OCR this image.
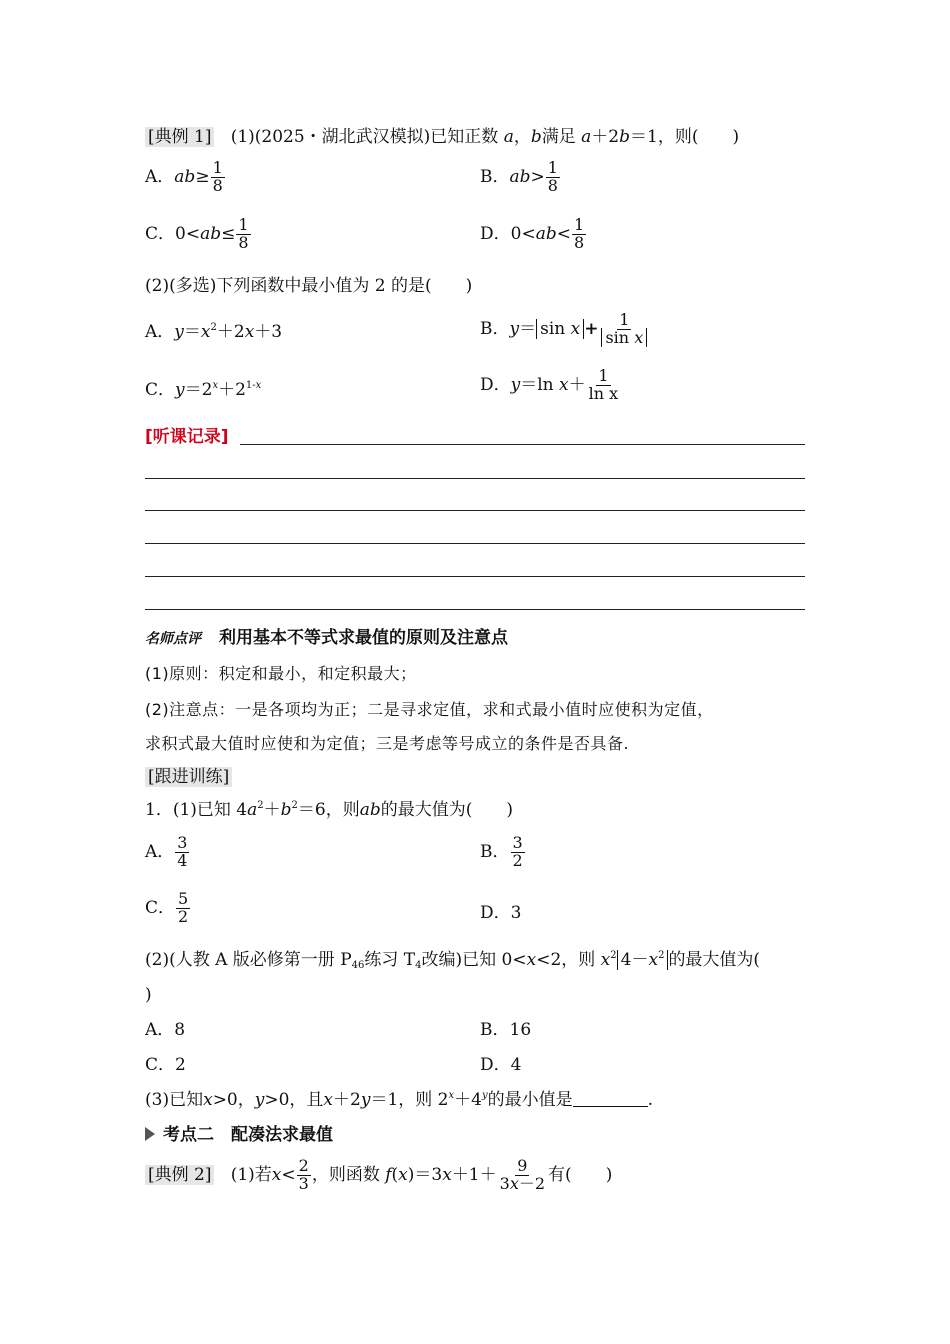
[典例 1] (1)(2025・湖北武汉模拟)已知正数 a，b满足 a＋2b＝1，则( )
A．$ab\ge \frac{1}{8}$	B．$ab> \frac{1}{8}$
C．$0<ab\le \frac{1}{8}$	D．$0<ab< \frac{1}{8}$
(2)(多选)下列函数中最小值为 2 的是( )
A．$y=x^2+2x+3$	B．$y= \sin x + \frac{1}{\text{sin x}}$
C．$y=2^x+2^{1-x}$	D．y＝ln $x+ \frac{1}{\text{ln x}}$
[听课记录]
名师点评 利用基本不等式求最值的原则及注意点
(1)原则：积定和最小，和定积最大；
(2)注意点：一是各项均为正；二是寻求定值，求和式最小值时应使积为定值，
求积式最大值时应使和为定值；三是考虑等号成立的条件是否具备.
[跟进训练]
1．(1)已知 $4a^2+b^2=6$，则ab的最大值为( )
A． $\frac{3}{4}$	B． $\frac{3}{2}$
C． $\frac{5}{2}$	D．3
(2)(人教 A 版必修第一册 $P_{46}$练习 $T_4$改编)已知 0<x<2，则 $x^2$ $4-x^2$ 的最大值为(
)
A．8	B．16
C．2	D．4
(3)已知x>0，y>0，且x＋2y＝1，则 $2^x+4^y$的最小值是	.
考点二　配凑法求最值
[典例 2] (1)若$x< \frac{2}{3}$ ，则函数 $f(x)=3x+1+ \frac{9}{3x-2}$ 有( )
